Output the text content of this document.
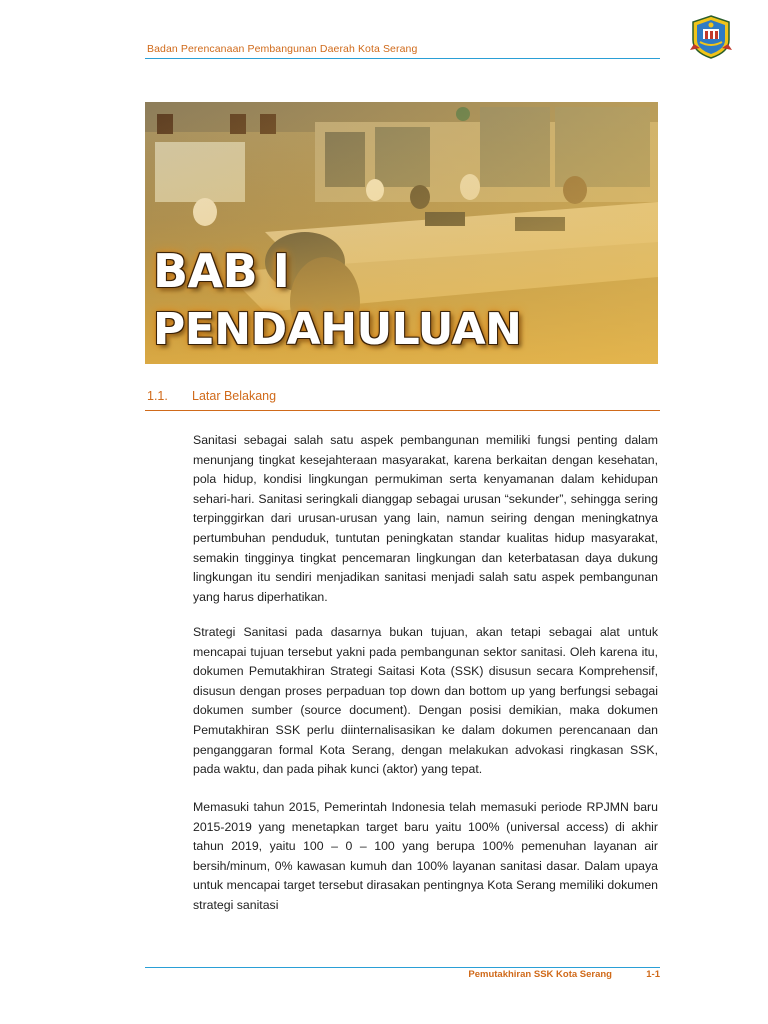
Badan Perencanaan Pembangunan Daerah Kota Serang
BAB I
PENDAHULUAN
1.1. Latar Belakang

Sanitasi sebagai salah satu aspek pembangunan memiliki fungsi penting dalam menunjang tingkat kesejahteraan masyarakat, karena berkaitan dengan kesehatan, pola hidup, kondisi lingkungan permukiman serta kenyamanan dalam kehidupan sehari-hari. Sanitasi seringkali dianggap sebagai urusan “sekunder”, sehingga sering terpinggirkan dari urusan-urusan yang lain, namun seiring dengan meningkatnya pertumbuhan penduduk, tuntutan peningkatan standar kualitas hidup masyarakat, semakin tingginya tingkat pencemaran lingkungan dan keterbatasan daya dukung lingkungan itu sendiri menjadikan sanitasi menjadi salah satu aspek pembangunan yang harus diperhatikan.

Strategi Sanitasi pada dasarnya bukan tujuan, akan tetapi sebagai alat untuk mencapai tujuan tersebut yakni pada pembangunan sektor sanitasi. Oleh karena itu, dokumen Pemutakhiran Strategi Saitasi Kota (SSK) disusun secara Komprehensif, disusun dengan proses perpaduan top down dan bottom up yang berfungsi sebagai dokumen sumber (source document). Dengan posisi demikian, maka dokumen Pemutakhiran SSK perlu diinternalisasikan ke dalam dokumen perencanaan dan penganggaran formal Kota Serang, dengan melakukan advokasi ringkasan SSK, pada waktu, dan pada pihak kunci (aktor) yang tepat.

Memasuki tahun 2015, Pemerintah Indonesia telah memasuki periode RPJMN baru 2015-2019 yang menetapkan target baru yaitu 100% (universal access) di akhir tahun 2019, yaitu 100 – 0 – 100 yang berupa 100% pemenuhan layanan air bersih/minum, 0% kawasan kumuh dan 100% layanan sanitasi dasar. Dalam upaya untuk mencapai target tersebut dirasakan pentingnya Kota Serang memiliki dokumen strategi sanitasi

Pemutakhiran SSK Kota Serang	1-1
